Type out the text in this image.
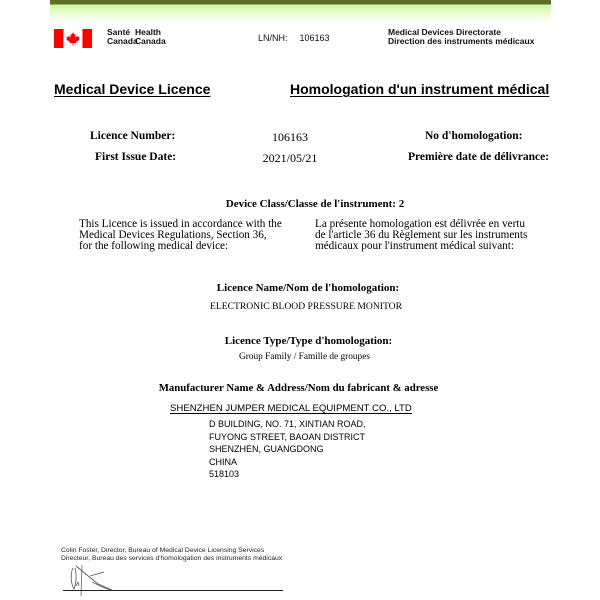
Santé Health
CanadaCanada	LN/NH: 106163
Medical Devices Directorate
Direction des instruments médicaux
Medical Device Licence	Homologation d'un instrument médical
Licence Number:	106163	No d'homologation:
First Issue Date:	2021/05/21	Première date de délivrance:
Device Class/Classe de l'instrument: 2
This Licence is issued in accordance with the
Medical Devices Regulations, Section 36,
for the following medical device:
La présente homologation est délivrée en vertu
de l'article 36 du Règlement sur les instruments
médicaux pour l'instrument médical suivant:
Licence Name/Nom de l'homologation:
ELECTRONIC BLOOD PRESSURE MONITOR
Licence Type/Type d'homologation:
Group Family / Famille de groupes
Manufacturer Name & Address/Nom du fabricant & adresse
SHENZHEN JUMPER MEDICAL EQUIPMENT CO., LTD
D BUILDING, NO. 71, XINTIAN ROAD,
FUYONG STREET, BAOAN DISTRICT
SHENZHEN, GUANGDONG
CHINA
518103
Colin Foster, Director, Bureau of Medical Device Licensing Services
Directeur, Bureau des services d'homologation des instruments médicaux
